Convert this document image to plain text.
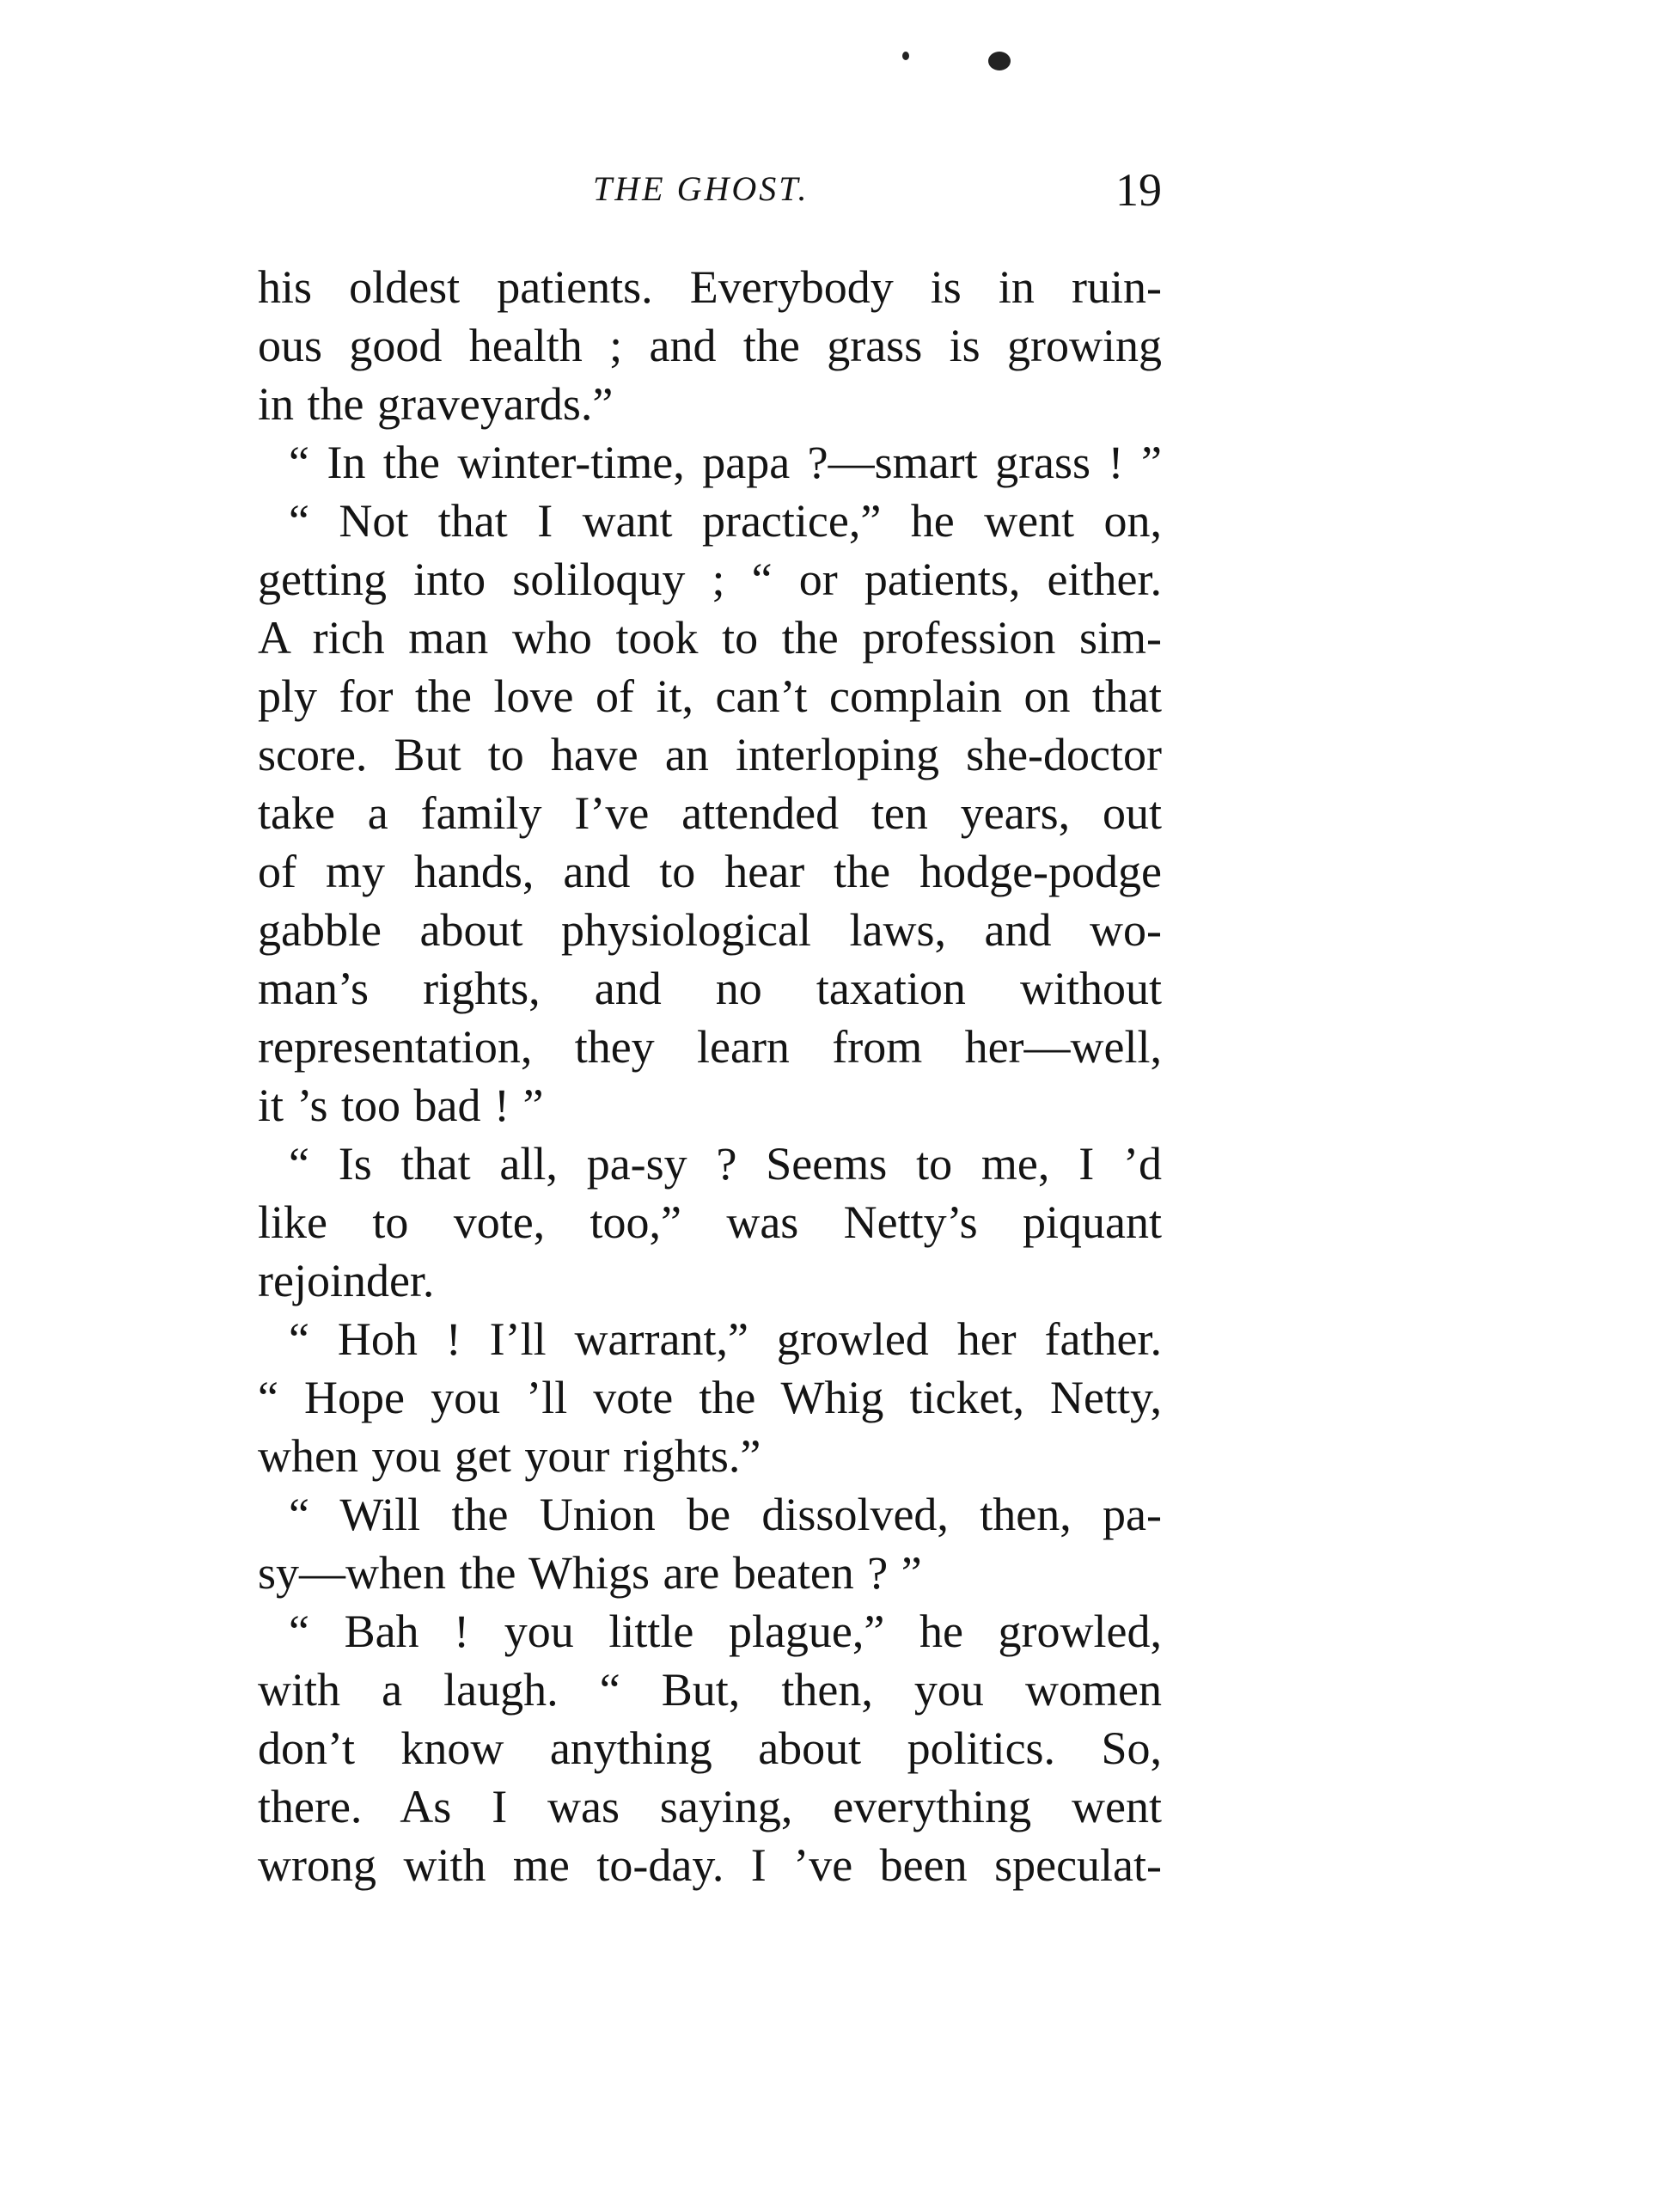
THE GHOST.	19
his oldest patients. Everybody is in ruin-
ous good health ; and the grass is growing
in the graveyards.”
“ In the winter-time, papa ?—smart grass ! ”
“ Not that I want practice,” he went on,
getting into soliloquy ; “ or patients, either.
A rich man who took to the profession sim-
ply for the love of it, can’t complain on that
score. But to have an interloping she-doctor
take a family I’ve attended ten years, out
of my hands, and to hear the hodge-podge
gabble about physiological laws, and wo-
man’s rights, and no taxation without
representation, they learn from her—well,
it ’s too bad ! ”
“ Is that all, pa-sy ? Seems to me, I ’d
like to vote, too,” was Netty’s piquant
rejoinder.
“ Hoh ! I’ll warrant,” growled her father.
“ Hope you ’ll vote the Whig ticket, Netty,
when you get your rights.”
“ Will the Union be dissolved, then, pa-
sy—when the Whigs are beaten ? ”
“ Bah ! you little plague,” he growled,
with a laugh. “ But, then, you women
don’t know anything about politics. So,
there. As I was saying, everything went
wrong with me to-day. I ’ve been speculat-
